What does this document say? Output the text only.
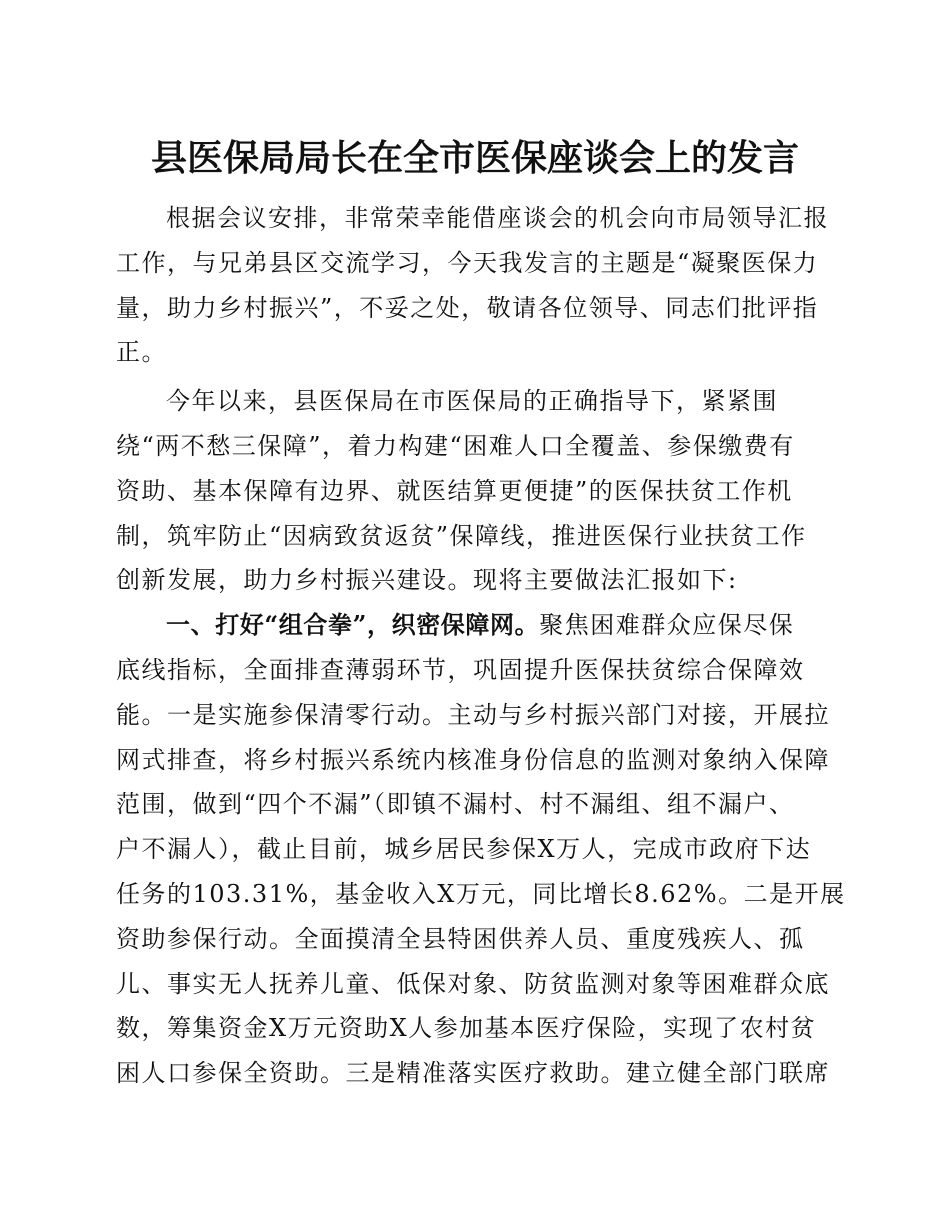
县医保局局长在全市医保座谈会上的发言
根据会议安排，非常荣幸能借座谈会的机会向市局领导汇报
工作，与兄弟县区交流学习，今天我发言的主题是“凝聚医保力
量，助力乡村振兴”，不妥之处，敬请各位领导、同志们批评指
正。
今年以来，县医保局在市医保局的正确指导下，紧紧围
绕“两不愁三保障”，着力构建“困难人口全覆盖、参保缴费有
资助、基本保障有边界、就医结算更便捷”的医保扶贫工作机
制，筑牢防止“因病致贫返贫”保障线，推进医保行业扶贫工作
创新发展，助力乡村振兴建设。现将主要做法汇报如下:
一、打好“组合拳”，织密保障网。聚焦困难群众应保尽保
底线指标，全面排查薄弱环节，巩固提升医保扶贫综合保障效
能。一是实施参保清零行动。主动与乡村振兴部门对接，开展拉
网式排查，将乡村振兴系统内核准身份信息的监测对象纳入保障
范围，做到“四个不漏”（即镇不漏村、村不漏组、组不漏户、
户不漏人），截止目前，城乡居民参保X万人，完成市政府下达
任务的103.31%，基金收入X万元，同比增长8.62%。二是开展
资助参保行动。全面摸清全县特困供养人员、重度残疾人、孤
儿、事实无人抚养儿童、低保对象、防贫监测对象等困难群众底
数，筹集资金X万元资助X人参加基本医疗保险，实现了农村贫
困人口参保全资助。三是精准落实医疗救助。建立健全部门联席
